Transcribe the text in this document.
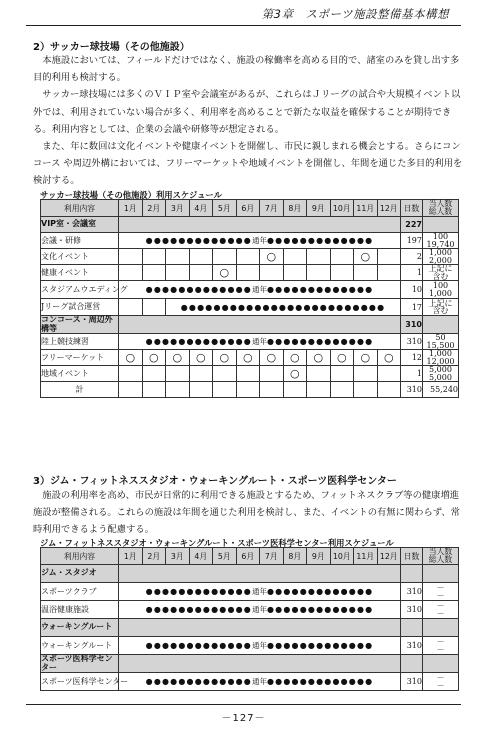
第3章　スポーツ施設整備基本構想
2）サッカー球技場（その他施設）

本施設においては、フィールドだけではなく、施設の稼働率を高める目的で、諸室のみを貸し出す多目的利用も検討する。

サッカー球技場には多くのＶＩＰ室や会議室があるが、これらはＪリーグの試合や大規模イベント以外では、利用されていない場合が多く、利用率を高めることで新たな収益を確保することが期待できる。利用内容としては、企業の会議や研修等が想定される。

また、年に数回は文化イベントや健康イベントを開催し、市民に親しまれる機会とする。さらにコンコース や周辺外構においては、フリーマーケットや地域イベントを開催し、年間を通じた多目的利用を検討する。

サッカー球技場（その他施設）利用スケジュール
利用内容	1月	2月	3月	4月	5月	6月	7月	8月	9月	10月	11月	12月	日数	当人数
総人数

VIP室・会議室													227	
会議・研修	●●●●●●●●●●●●●通年●●●●●●●●●●●●●												197	100
19,740

文化イベント							○				○		2	1,000
2,000

健康イベント					○								1	上記に
含む

スタジアムウエディング	●●●●●●●●●●●●●通年●●●●●●●●●●●●●												10	100
1,000

Jリーグ試合運営			●●●●●●●●●●●●●●●●●●●●●●●●●										17	上記に
含む

コンコース・周辺外構等													310	
陸上競技練習	●●●●●●●●●●●●●通年●●●●●●●●●●●●●												310	50
15,500

フリーマーケット	○	○	○	○	○	○	○	○	○	○	○	○	12	1,000
12,000

地域イベント								○					1	5,000
5,000

計													310	55,240
3）ジム・フィットネススタジオ・ウォーキングルート・スポーツ医科学センター

施設の利用率を高め、市民が日常的に利用できる施設とするため、フィットネスクラブ等の健康増進施設が整備される。これらの施設は年間を通じた利用を検討し、また、イベントの有無に関わらず、常時利用できるよう配慮する。

ジム・フィットネススタジオ・ウォーキングルート・スポーツ医科学センター利用スケジュール
利用内容	1月	2月	3月	4月	5月	6月	7月	8月	9月	10月	11月	12月	日数	当人数
総人数

ジム・スタジオ														
スポーツクラブ	●●●●●●●●●●●●●通年●●●●●●●●●●●●●												310	－
－

温浴健康施設	●●●●●●●●●●●●●通年●●●●●●●●●●●●●												310	－
－

ウォーキングルート														
ウォーキングルート	●●●●●●●●●●●●●通年●●●●●●●●●●●●●												310	－
－

スポーツ医科学センター														
スポーツ医科学センター	●●●●●●●●●●●●●通年●●●●●●●●●●●●●												310	－
－
－127－
